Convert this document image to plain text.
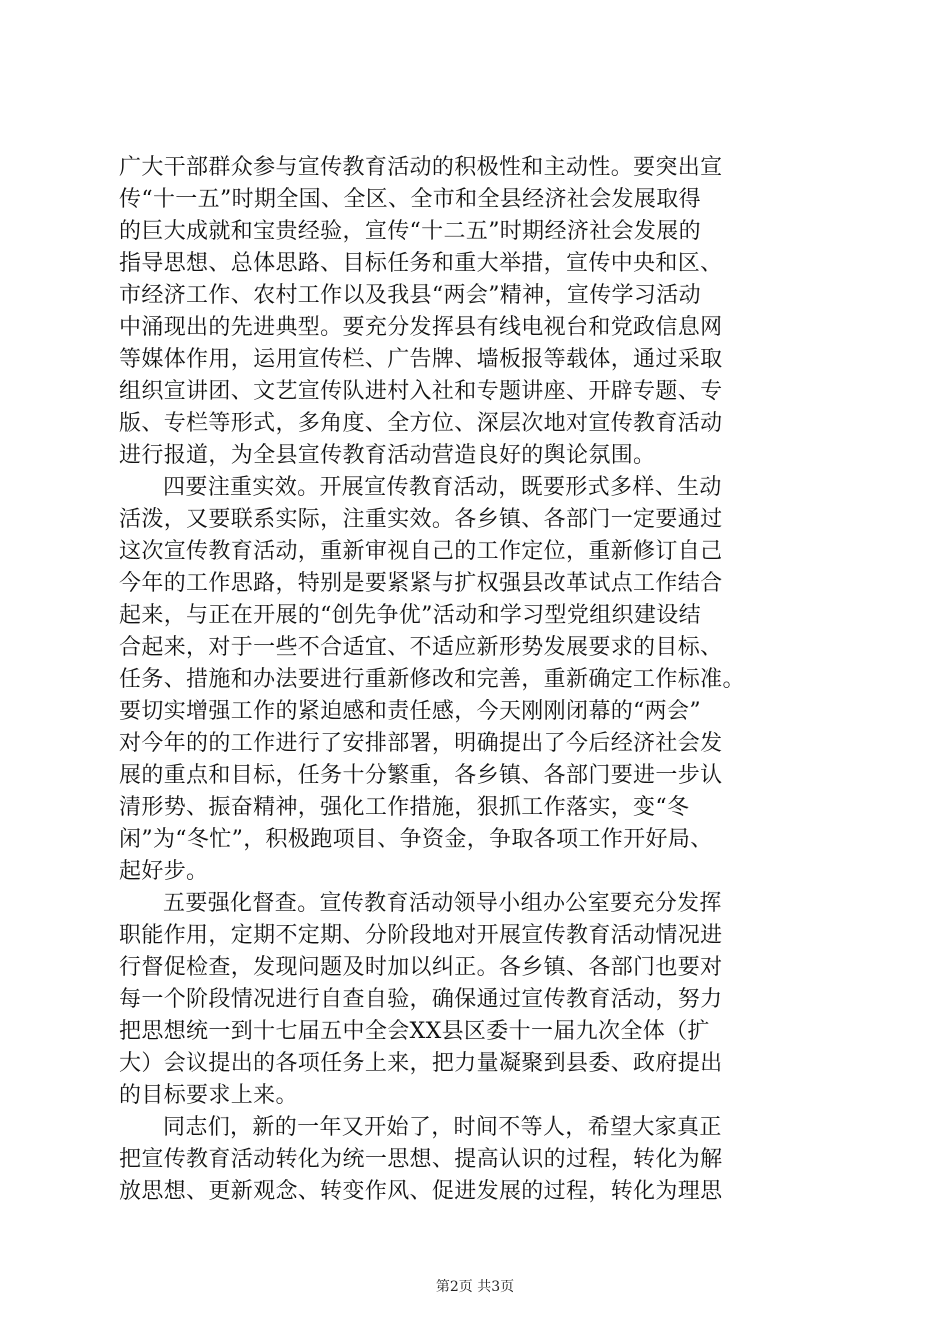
广大干部群众参与宣传教育活动的积极性和主动性。要突出宣
传“十一五”时期全国、全区、全市和全县经济社会发展取得
的巨大成就和宝贵经验，宣传“十二五”时期经济社会发展的
指导思想、总体思路、目标任务和重大举措，宣传中央和区、
市经济工作、农村工作以及我县“两会”精神，宣传学习活动
中涌现出的先进典型。要充分发挥县有线电视台和党政信息网
等媒体作用，运用宣传栏、广告牌、墙板报等载体，通过采取
组织宣讲团、文艺宣传队进村入社和专题讲座、开辟专题、专
版、专栏等形式，多角度、全方位、深层次地对宣传教育活动
进行报道，为全县宣传教育活动营造良好的舆论氛围。
四要注重实效。开展宣传教育活动，既要形式多样、生动
活泼，又要联系实际，注重实效。各乡镇、各部门一定要通过
这次宣传教育活动，重新审视自己的工作定位，重新修订自己
今年的工作思路，特别是要紧紧与扩权强县改革试点工作结合
起来，与正在开展的“创先争优”活动和学习型党组织建设结
合起来，对于一些不合适宜、不适应新形势发展要求的目标、
任务、措施和办法要进行重新修改和完善，重新确定工作标准。
要切实增强工作的紧迫感和责任感，今天刚刚闭幕的“两会”
对今年的的工作进行了安排部署，明确提出了今后经济社会发
展的重点和目标，任务十分繁重，各乡镇、各部门要进一步认
清形势、振奋精神，强化工作措施，狠抓工作落实，变“冬
闲”为“冬忙”，积极跑项目、争资金，争取各项工作开好局、
起好步。
五要强化督查。宣传教育活动领导小组办公室要充分发挥
职能作用，定期不定期、分阶段地对开展宣传教育活动情况进
行督促检查，发现问题及时加以纠正。各乡镇、各部门也要对
每一个阶段情况进行自查自验，确保通过宣传教育活动，努力
把思想统一到十七届五中全会XX县区委十一届九次全体（扩
大）会议提出的各项任务上来，把力量凝聚到县委、政府提出
的目标要求上来。
同志们，新的一年又开始了，时间不等人，希望大家真正
把宣传教育活动转化为统一思想、提高认识的过程，转化为解
放思想、更新观念、转变作风、促进发展的过程，转化为理思
第2页 共3页
